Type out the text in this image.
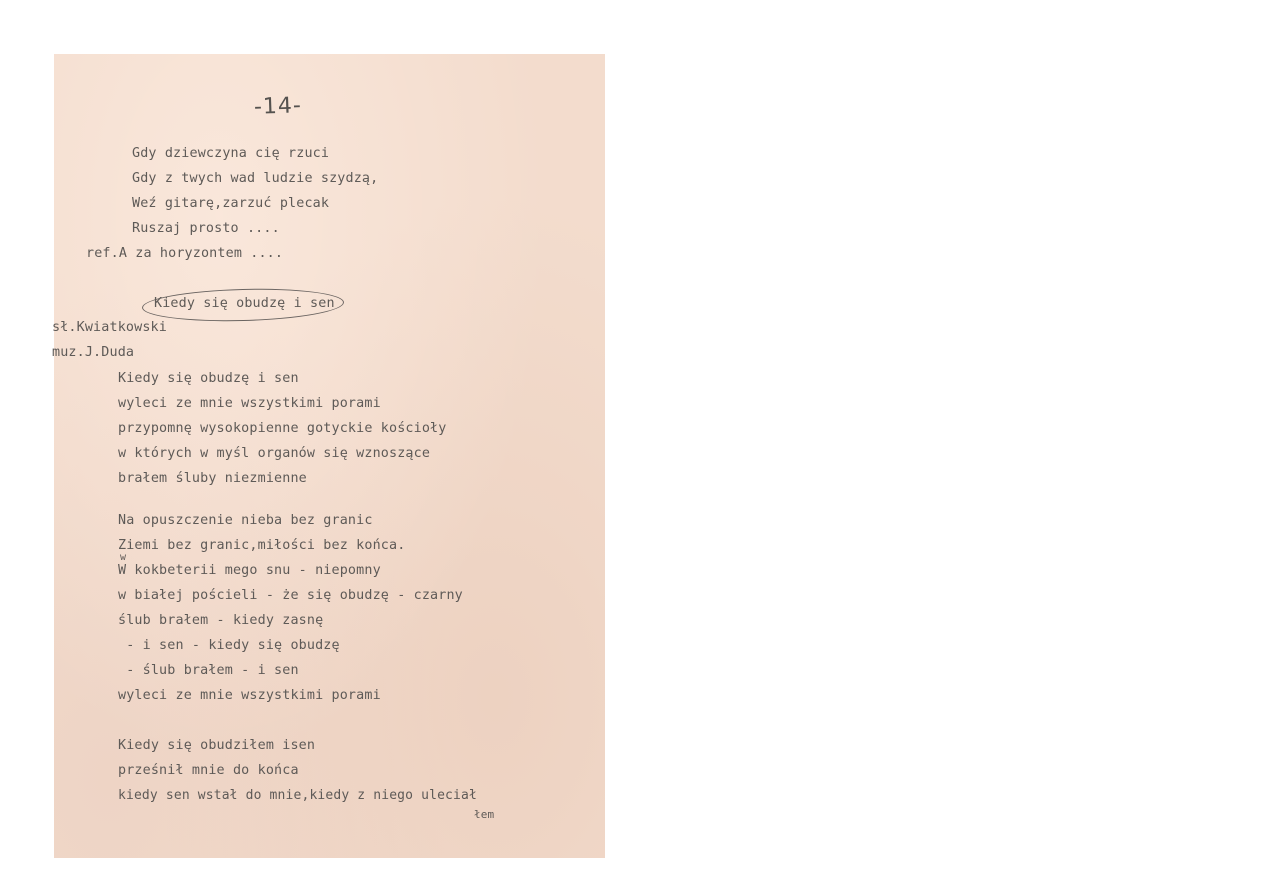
-14-
Gdy dziewczyna cię rzuci
Gdy z twych wad ludzie szydzą,
Weź gitarę,zarzuć plecak
Ruszaj prosto ....
ref.A za horyzontem ....
Kiedy się obudzę i sen
sł.Kwiatkowski
muz.J.Duda
Kiedy się obudzę i sen
wyleci ze mnie wszystkimi porami
przypomnę wysokopienne gotyckie kościoły
w których w myśl organów się wznoszące
brałem śluby niezmienne
Na opuszczenie nieba bez granic
Ziemi bez granic,miłości bez końca.
w
W kokbeterii mego snu - niepomny
w białej pościeli - że się obudzę - czarny
ślub brałem - kiedy zasnę
- i sen - kiedy się obudzę
- ślub brałem - i sen
wyleci ze mnie wszystkimi porami
Kiedy się obudziłem isen
prześnił mnie do końca
kiedy sen wstał do mnie,kiedy z niego uleciał
łem
